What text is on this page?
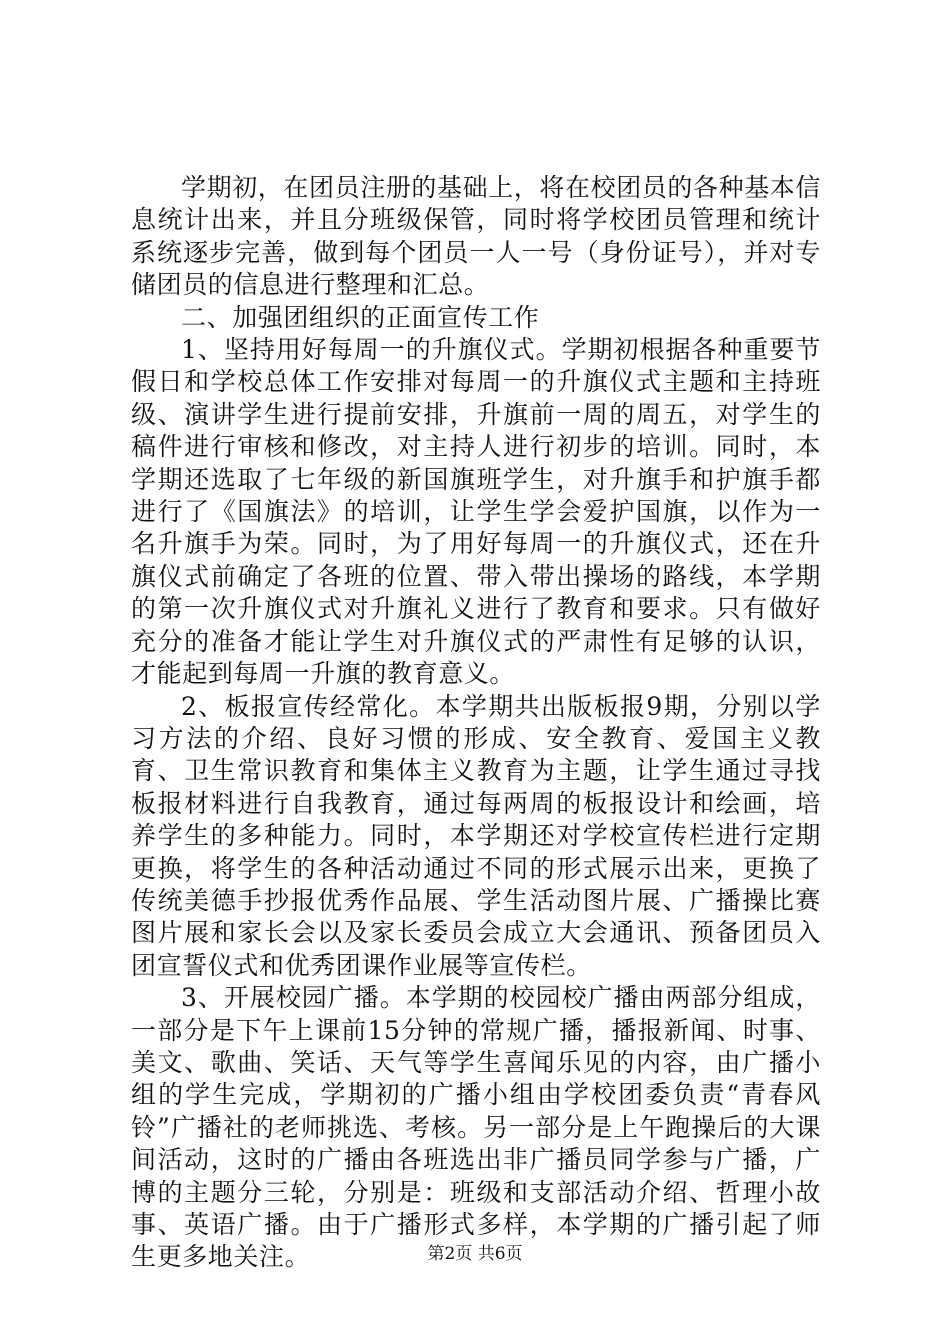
学期初，在团员注册的基础上，将在校团员的各种基本信息统计出来，并且分班级保管，同时将学校团员管理和统计系统逐步完善，做到每个团员一人一号（身份证号），并对专储团员的信息进行整理和汇总。

二、加强团组织的正面宣传工作

1、坚持用好每周一的升旗仪式。学期初根据各种重要节假日和学校总体工作安排对每周一的升旗仪式主题和主持班级、演讲学生进行提前安排，升旗前一周的周五，对学生的稿件进行审核和修改，对主持人进行初步的培训。同时，本学期还选取了七年级的新国旗班学生，对升旗手和护旗手都进行了《国旗法》的培训，让学生学会爱护国旗，以作为一名升旗手为荣。同时，为了用好每周一的升旗仪式，还在升旗仪式前确定了各班的位置、带入带出操场的路线，本学期的第一次升旗仪式对升旗礼义进行了教育和要求。只有做好充分的准备才能让学生对升旗仪式的严肃性有足够的认识，才能起到每周一升旗的教育意义。

2、板报宣传经常化。本学期共出版板报9期，分别以学习方法的介绍、良好习惯的形成、安全教育、爱国主义教育、卫生常识教育和集体主义教育为主题，让学生通过寻找板报材料进行自我教育，通过每两周的板报设计和绘画，培养学生的多种能力。同时，本学期还对学校宣传栏进行定期更换，将学生的各种活动通过不同的形式展示出来，更换了传统美德手抄报优秀作品展、学生活动图片展、广播操比赛图片展和家长会以及家长委员会成立大会通讯、预备团员入团宣誓仪式和优秀团课作业展等宣传栏。

3、开展校园广播。本学期的校园校广播由两部分组成，一部分是下午上课前15分钟的常规广播，播报新闻、时事、美文、歌曲、笑话、天气等学生喜闻乐见的内容，由广播小组的学生完成，学期初的广播小组由学校团委负责“青春风铃”广播社的老师挑选、考核。另一部分是上午跑操后的大课间活动，这时的广播由各班选出非广播员同学参与广播，广博的主题分三轮，分别是：班级和支部活动介绍、哲理小故事、英语广播。由于广播形式多样，本学期的广播引起了师生更多地关注。	第2页 共6页
